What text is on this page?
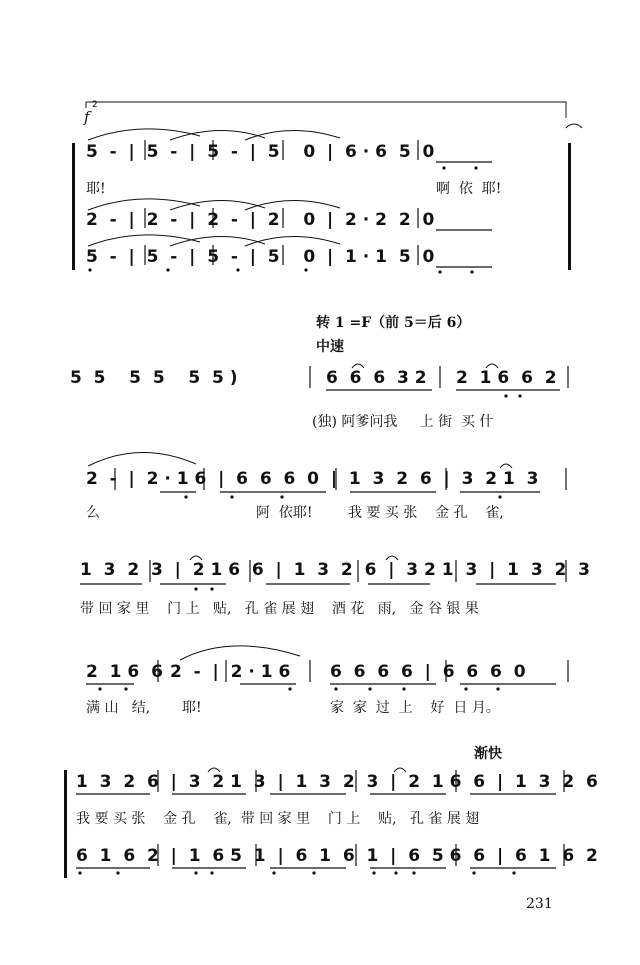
f
2
5  -  |  5  -  |  5  -  |  5    0  |  6 · 6  5  0
耶!	啊  依  耶!
2  -  |  2  -  |  2  -  |  2    0  |  2 · 2  2  0
5  -  |  5  -  |  5  -  |  5    0  |  1 · 1  5  0
转 1 =F（前 5＝后 6）
中速
5  5    5  5    5  5 )	6  6  6  3 2 2  1 6  6  2
(独) 阿爹问我     上 街  买 什
2  -  |  2 · 1 6  |  6  6  6  0  |  1  3  2  6  |  3  2 1  3
么	阿  依耶!	我 要 买 张    金 孔    雀,
1  3  2  3  |  2 1 6  6  |  1  3  2  6  |  3 2 1  3  |  1  3  2  3
带 回 家 里    门 上   贴,   孔 雀 展 翅    酒 花   雨,   金 谷 银 果
2  1 6  6 2  -  |  2 · 1 6 6  6  6  6  |  6  6  6  0
满 山   结, 耶!	家  家  过  上    好  日 月。
渐快
1  3  2  6  |  3  2 1  3  |  1  3  2  3  |  2  1 6  6  |  1  3  2  6
我 要 买 张    金 孔    雀,  带 回 家 里    门 上    贴,   孔 雀 展 翅
6  1  6  2  |  1  6 5  1  |  6  1  6  1  |  6  5 6  6  |  6  1  6  2
231
